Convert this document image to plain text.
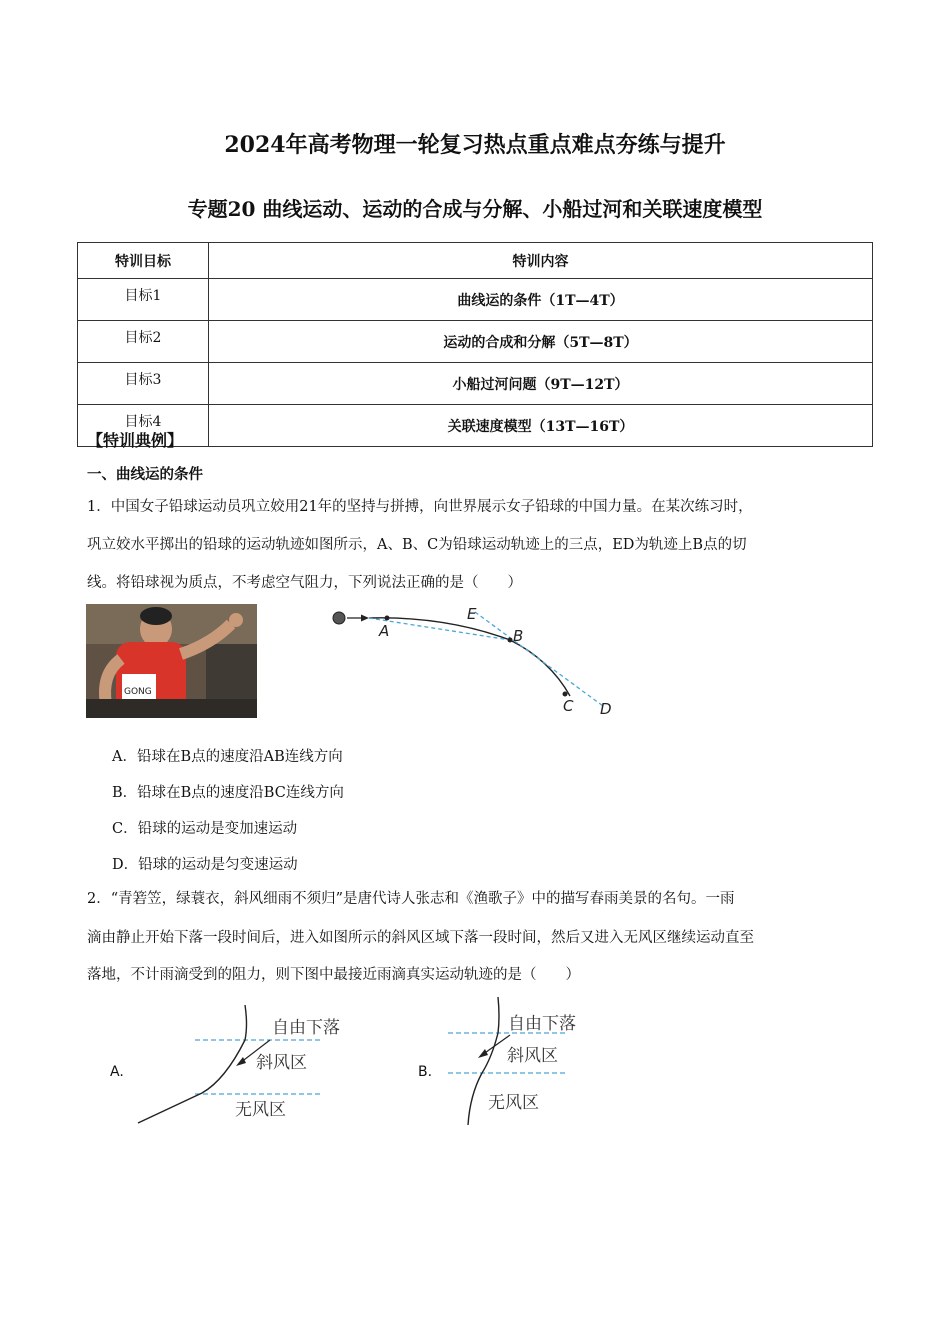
2024年高考物理一轮复习热点重点难点夯练与提升
专题20 曲线运动、运动的合成与分解、小船过河和关联速度模型
特训目标	特训内容
目标1	曲线运的条件（1T—4T）
目标2	运动的合成和分解（5T—8T）
目标3	小船过河问题（9T—12T）
目标4	关联速度模型（13T—16T）
【特训典例】
一、曲线运的条件
1．中国女子铅球运动员巩立姣用21年的坚持与拼搏，向世界展示女子铅球的中国力量。在某次练习时，
巩立姣水平掷出的铅球的运动轨迹如图所示，A、B、C为铅球运动轨迹上的三点，ED为轨迹上B点的切
线。将铅球视为质点，不考虑空气阻力，下列说法正确的是（　　）
GONG
A	B
C D
E
A．铅球在B点的速度沿AB连线方向
B．铅球在B点的速度沿BC连线方向
C．铅球的运动是变加速运动
D．铅球的运动是匀变速运动
2．“青箬笠，绿蓑衣，斜风细雨不须归”是唐代诗人张志和《渔歌子》中的描写春雨美景的名句。一雨
滴由静止开始下落一段时间后，进入如图所示的斜风区域下落一段时间，然后又进入无风区继续运动直至
落地，不计雨滴受到的阻力，则下图中最接近雨滴真实运动轨迹的是（　　）
A.
自由下落
斜风区
无风区
B.
自由下落
斜风区
无风区
